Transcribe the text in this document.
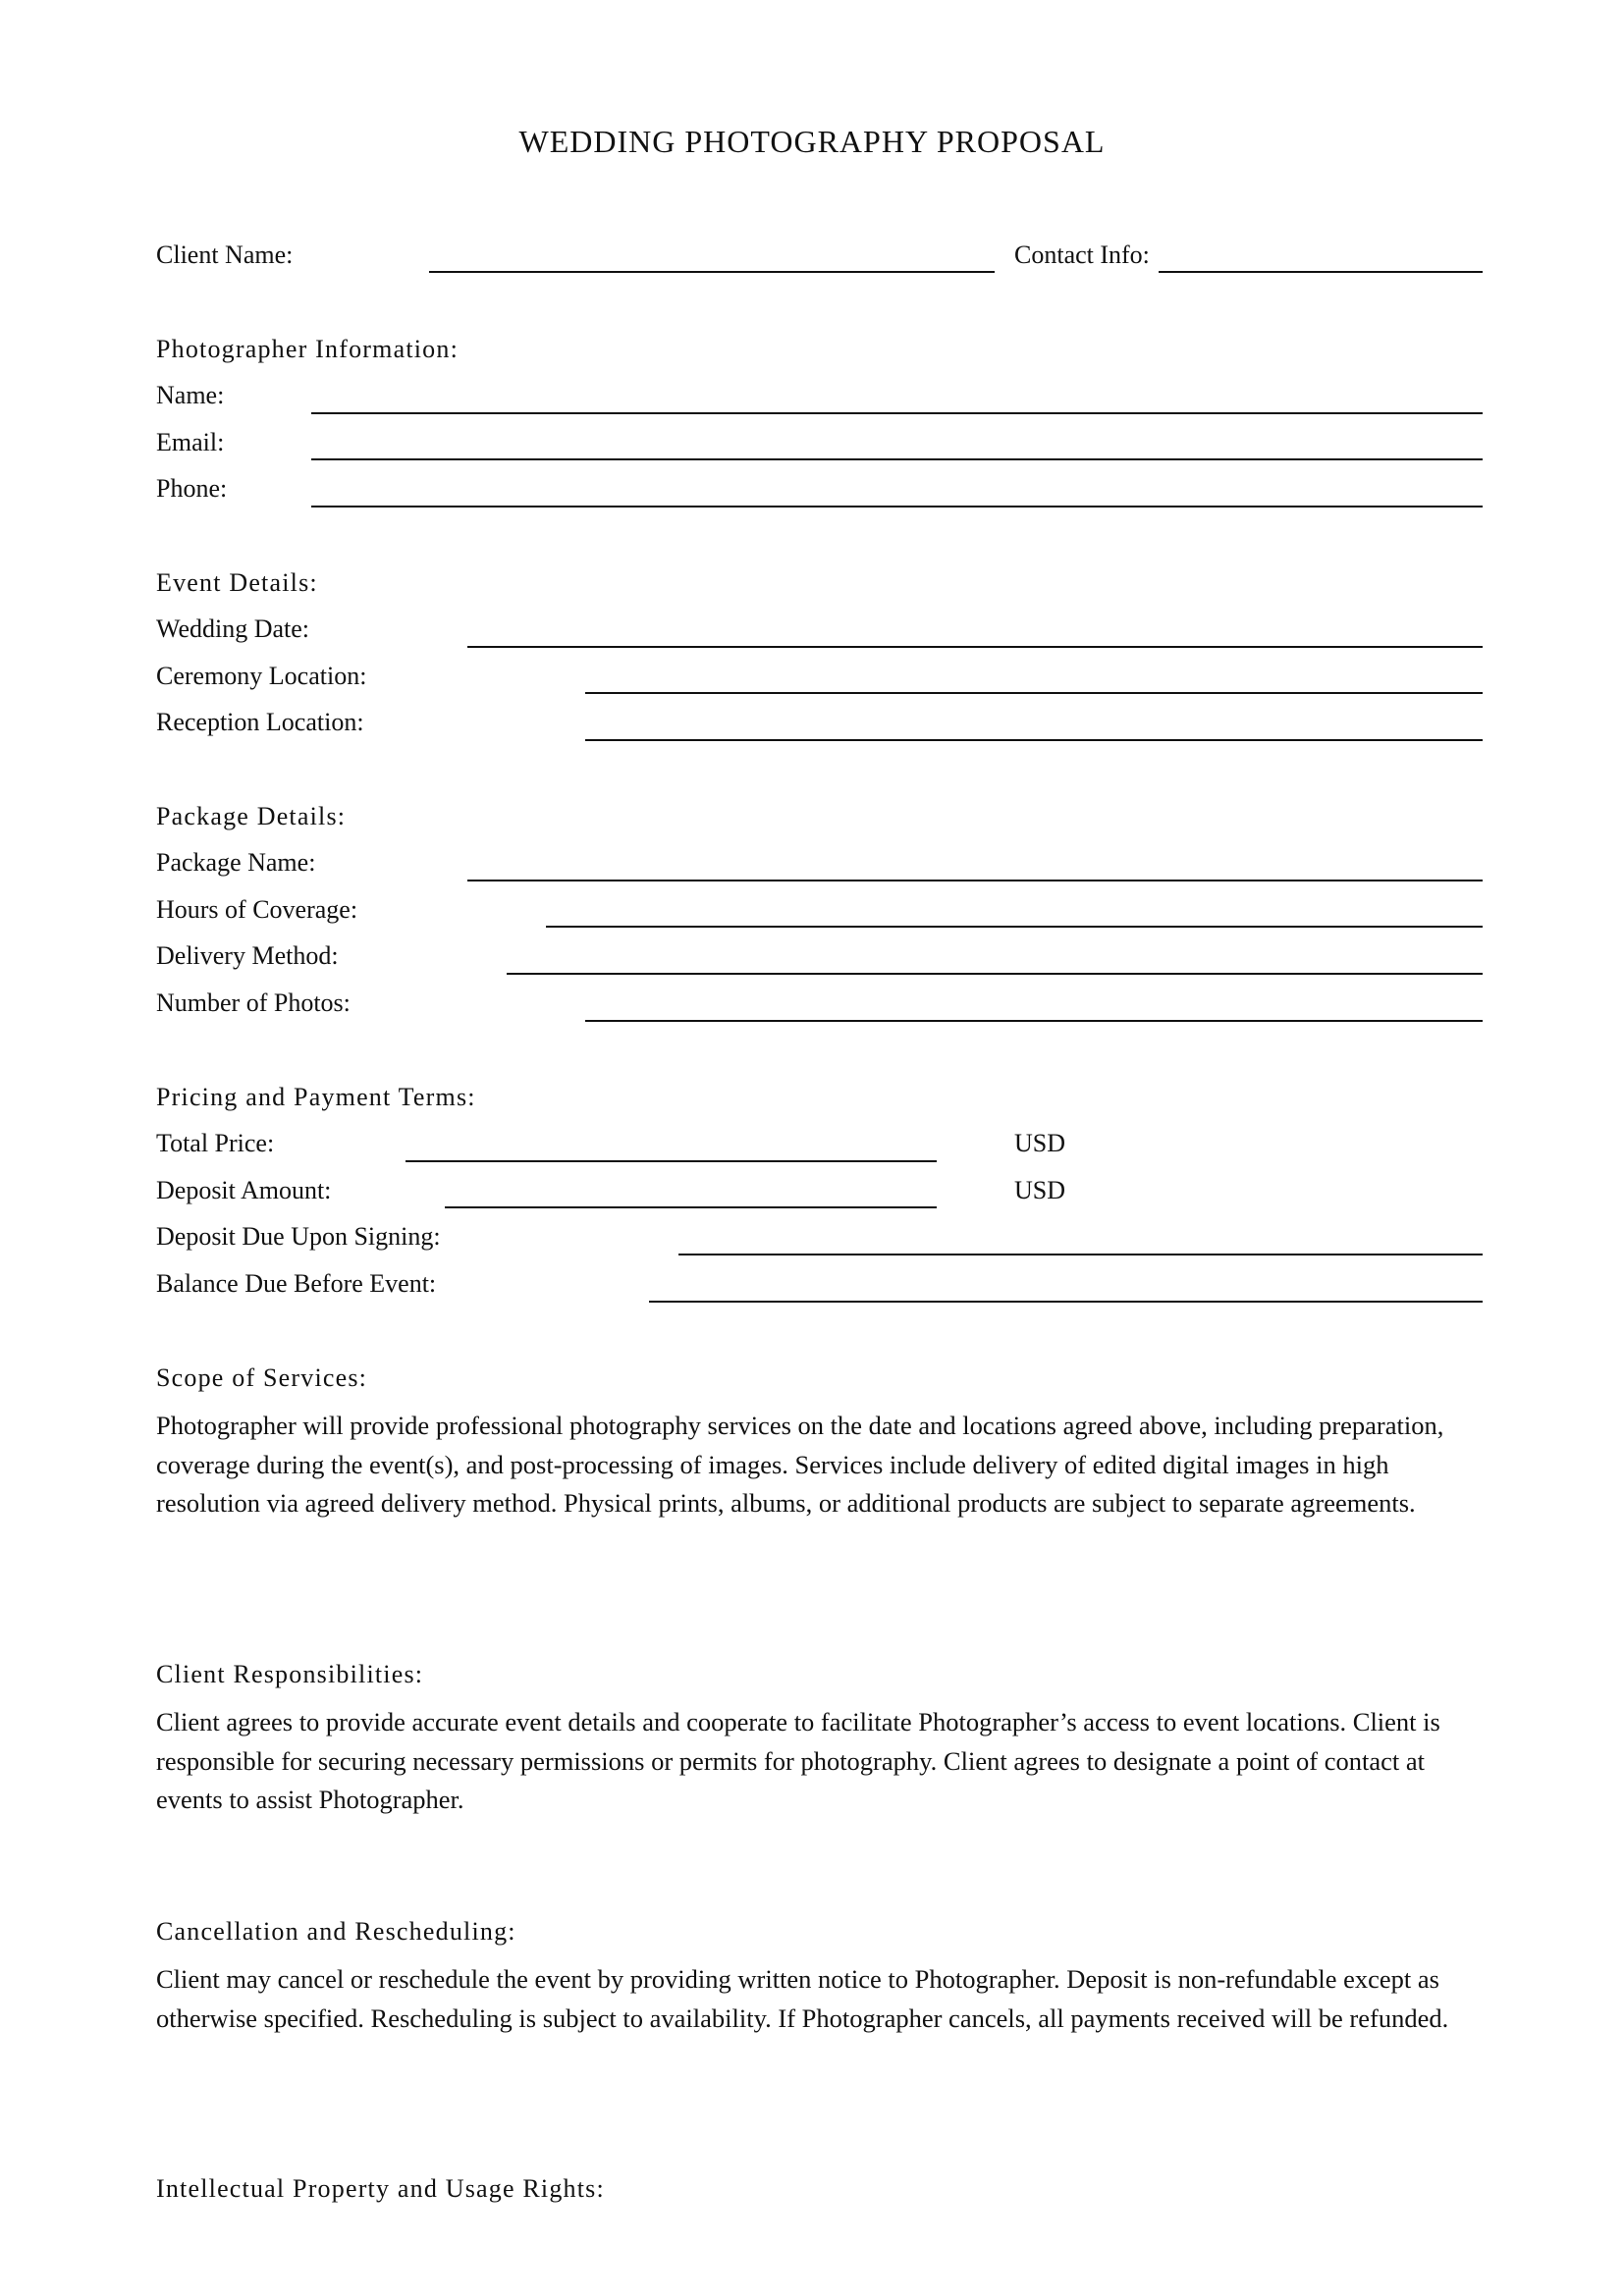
WEDDING PHOTOGRAPHY PROPOSAL
Client Name:	Contact Info:
Photographer Information:
Name:
Email:
Phone:
Event Details:
Wedding Date:
Ceremony Location:
Reception Location:
Package Details:
Package Name:
Hours of Coverage:
Delivery Method:
Number of Photos:
Pricing and Payment Terms:
Total Price:	USD
Deposit Amount:	USD
Deposit Due Upon Signing:
Balance Due Before Event:
Scope of Services:
Photographer will provide professional photography services on the date and locations agreed above, including preparation, coverage during the event(s), and post-processing of images. Services include delivery of edited digital images in high resolution via agreed delivery method. Physical prints, albums, or additional products are subject to separate agreements.
Client Responsibilities:
Client agrees to provide accurate event details and cooperate to facilitate Photographer’s access to event locations. Client is responsible for securing necessary permissions or permits for photography. Client agrees to designate a point of contact at events to assist Photographer.
Cancellation and Rescheduling:
Client may cancel or reschedule the event by providing written notice to Photographer. Deposit is non-refundable except as otherwise specified. Rescheduling is subject to availability. If Photographer cancels, all payments received will be refunded.
Intellectual Property and Usage Rights:
